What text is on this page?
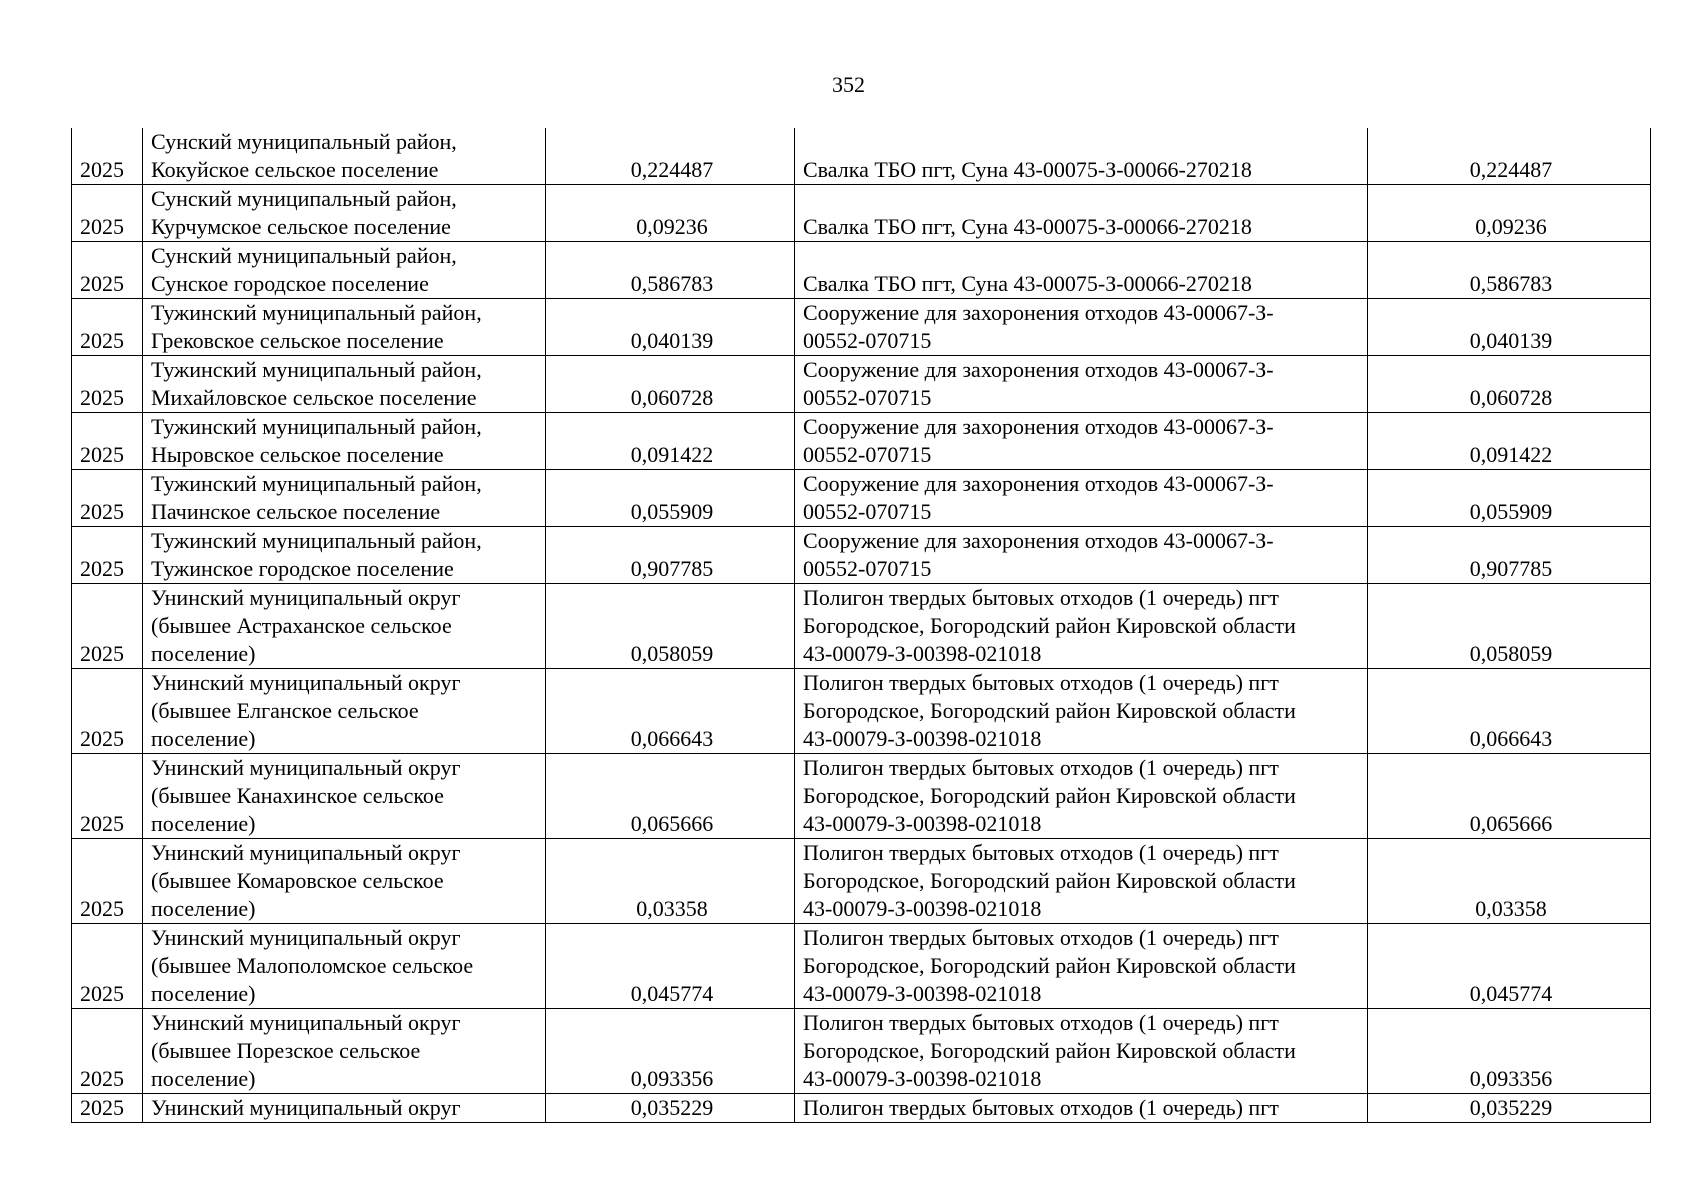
352
2025	Сунский муниципальный район,
Кокуйское сельское поселение	0,224487	Свалка ТБО пгт, Суна 43-00075-З-00066-270218	0,224487

2025	Сунский муниципальный район,
Курчумское сельское поселение	0,09236	Свалка ТБО пгт, Суна 43-00075-З-00066-270218	0,09236

2025	Сунский муниципальный район,
Сунское городское поселение	0,586783	Свалка ТБО пгт, Суна 43-00075-З-00066-270218	0,586783

2025	Тужинский муниципальный район,
Грековское сельское поселение	0,040139	Сооружение для захоронения отходов 43-00067-З-
00552-070715	0,040139

2025	Тужинский муниципальный район,
Михайловское сельское поселение	0,060728	Сооружение для захоронения отходов 43-00067-З-
00552-070715	0,060728

2025	Тужинский муниципальный район,
Ныровское сельское поселение	0,091422	Сооружение для захоронения отходов 43-00067-З-
00552-070715	0,091422

2025	Тужинский муниципальный район,
Пачинское сельское поселение	0,055909	Сооружение для захоронения отходов 43-00067-З-
00552-070715	0,055909

2025	Тужинский муниципальный район,
Тужинское городское поселение	0,907785	Сооружение для захоронения отходов 43-00067-З-
00552-070715	0,907785

2025	Унинский муниципальный округ
(бывшее Астраханское сельское
поселение)	0,058059	Полигон твердых бытовых отходов (1 очередь) пгт
Богородское, Богородский район Кировской области
43-00079-З-00398-021018	0,058059

2025	Унинский муниципальный округ
(бывшее Елганское сельское
поселение)	0,066643	Полигон твердых бытовых отходов (1 очередь) пгт
Богородское, Богородский район Кировской области
43-00079-З-00398-021018	0,066643

2025	Унинский муниципальный округ
(бывшее Канахинское сельское
поселение)	0,065666	Полигон твердых бытовых отходов (1 очередь) пгт
Богородское, Богородский район Кировской области
43-00079-З-00398-021018	0,065666

2025	Унинский муниципальный округ
(бывшее Комаровское сельское
поселение)	0,03358	Полигон твердых бытовых отходов (1 очередь) пгт
Богородское, Богородский район Кировской области
43-00079-З-00398-021018	0,03358

2025	Унинский муниципальный округ
(бывшее Малополомское сельское
поселение)	0,045774	Полигон твердых бытовых отходов (1 очередь) пгт
Богородское, Богородский район Кировской области
43-00079-З-00398-021018	0,045774

2025	Унинский муниципальный округ
(бывшее Порезское сельское
поселение)	0,093356	Полигон твердых бытовых отходов (1 очередь) пгт
Богородское, Богородский район Кировской области
43-00079-З-00398-021018	0,093356

2025	Унинский муниципальный округ	0,035229	Полигон твердых бытовых отходов (1 очередь) пгт	0,035229
